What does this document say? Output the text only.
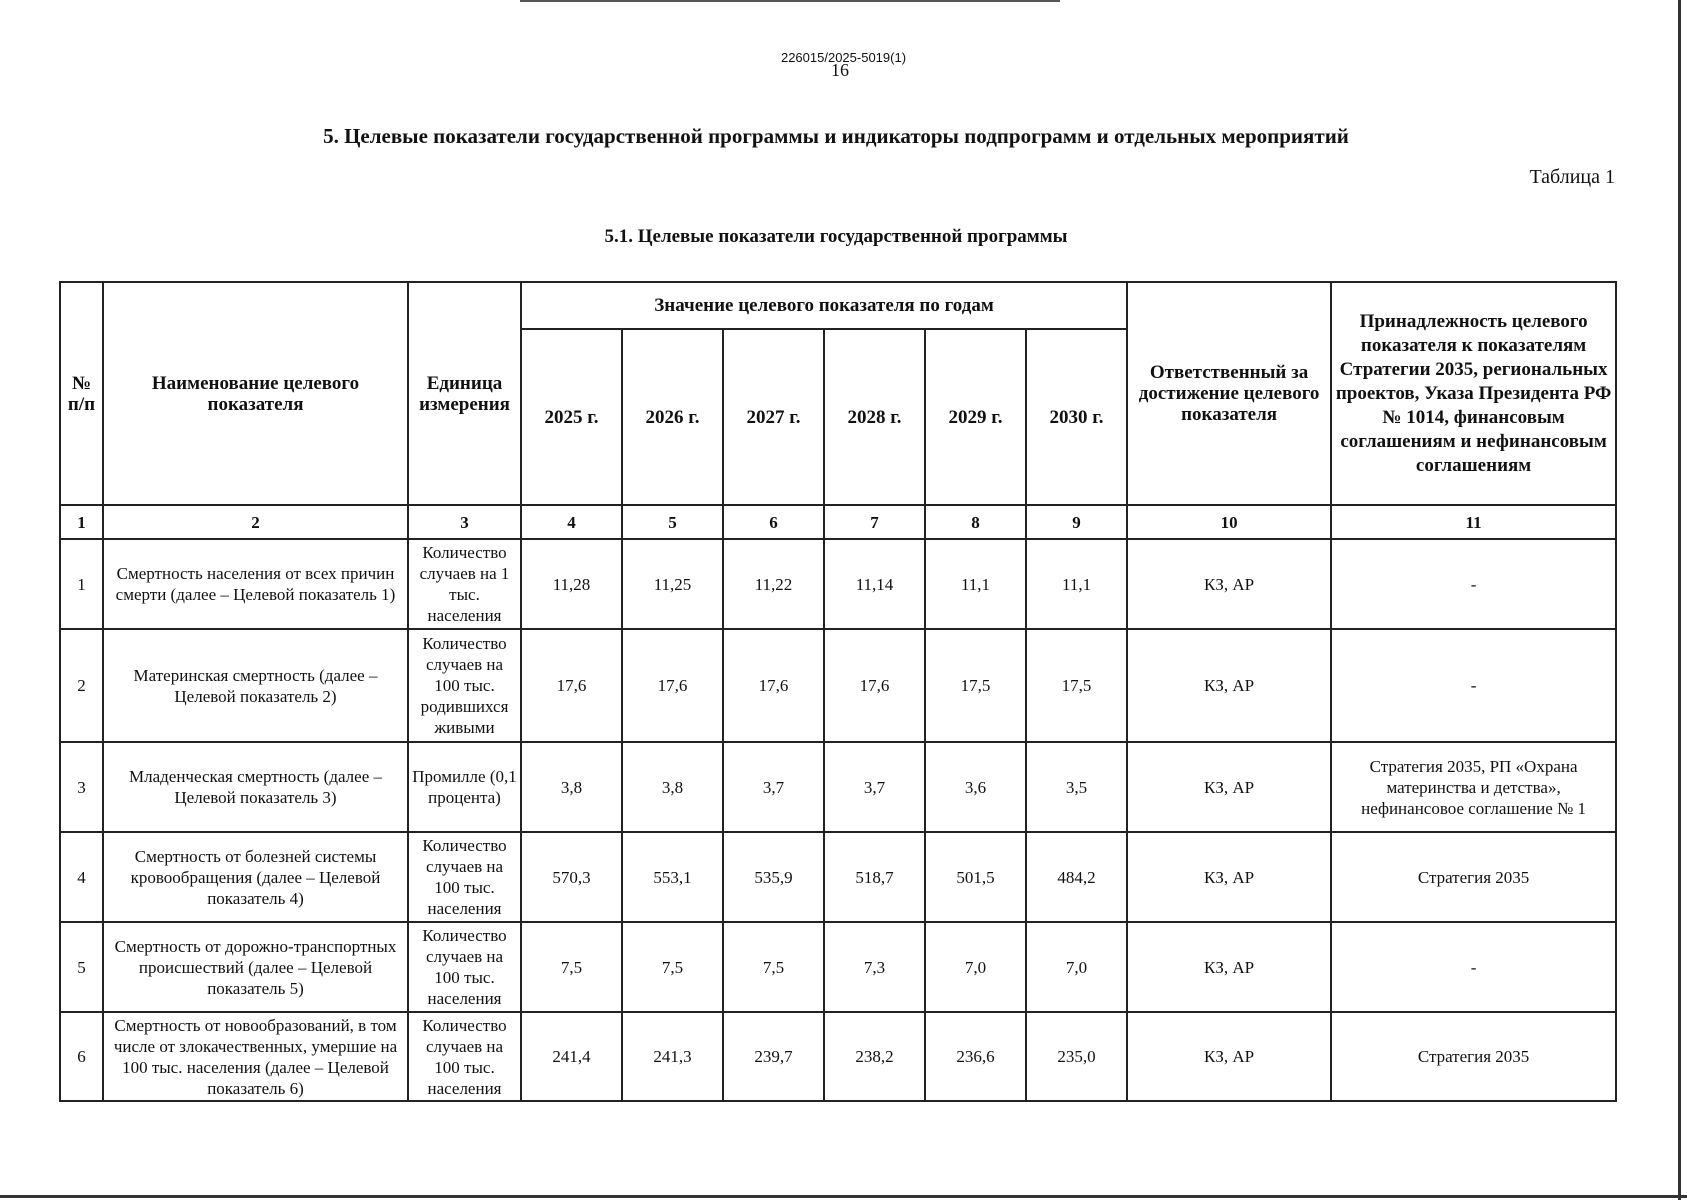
226015/2025-5019(1)
16
5. Целевые показатели государственной программы и индикаторы подпрограмм и отдельных мероприятий
Таблица 1
5.1. Целевые показатели государственной программы
№ п/п	Наименование целевого показателя	Единица измерения	Значение целевого показателя по годам						Ответственный за достижение целевого показателя	Принадлежность целевого показателя к показателям Стратегии 2035, региональных проектов, Указа Президента РФ № 1014, финансовым соглашениям и нефинансовым соглашениям
			2025 г.	2026 г.	2027 г.	2028 г.	2029 г.	2030 г.		
1	2	3	4	5	6	7	8	9	10	11
1	Смертность населения от всех причин смерти (далее – Целевой показатель 1)	Количество случаев на 1 тыс. населения	11,28	11,25	11,22	11,14	11,1	11,1	КЗ, АР	-
2	Материнская смертность (далее –Целевой показатель 2)	Количество случаев на 100 тыс. родившихся живыми	17,6	17,6	17,6	17,6	17,5	17,5	КЗ, АР	-
3	Младенческая смертность (далее –Целевой показатель 3)	Промилле (0,1 процента)	3,8	3,8	3,7	3,7	3,6	3,5	КЗ, АР	Стратегия 2035, РП «Охрана материнства и детства», нефинансовое соглашение № 1
4	Смертность от болезней системы кровообращения (далее – Целевой показатель 4)	Количество случаев на 100 тыс. населения	570,3	553,1	535,9	518,7	501,5	484,2	КЗ, АР	Стратегия 2035
5	Смертность от дорожно-транспортных происшествий (далее – Целевой показатель 5)	Количество случаев на 100 тыс. населения	7,5	7,5	7,5	7,3	7,0	7,0	КЗ, АР	-
6	Смертность от новообразований, в том числе от злокачественных, умершие на 100 тыс. населения (далее – Целевой показатель 6)	Количество случаев на 100 тыс. населения	241,4	241,3	239,7	238,2	236,6	235,0	КЗ, АР	Стратегия 2035
